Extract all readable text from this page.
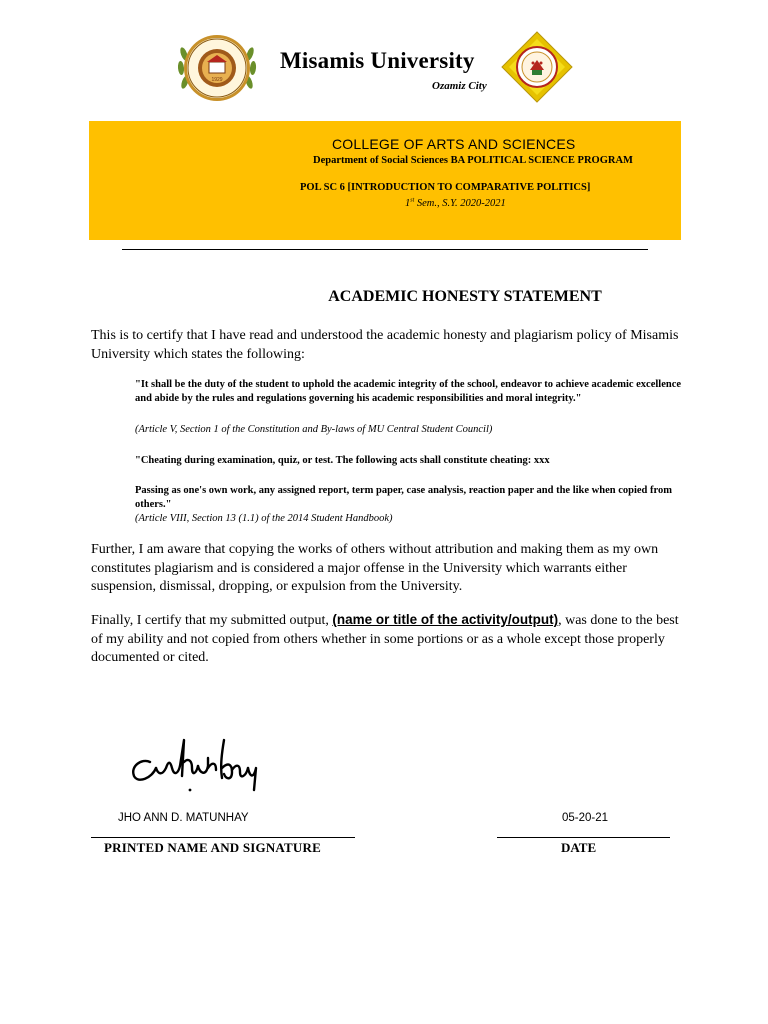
1929
Misamis University
Ozamiz City
COLLEGE OF ARTS AND SCIENCES
Department of Social Sciences BA POLITICAL SCIENCE PROGRAM
POL SC 6 [INTRODUCTION TO COMPARATIVE POLITICS]
1st Sem., S.Y. 2020-2021
ACADEMIC HONESTY STATEMENT
This is to certify that I have read and understood the academic honesty and plagiarism policy of Misamis University which states the following:
"It shall be the duty of the student to uphold the academic integrity of the school, endeavor to achieve academic excellence and abide by the rules and regulations governing his academic responsibilities and moral integrity."
(Article V, Section 1 of the Constitution and By-laws of MU Central Student Council)
"Cheating during examination, quiz, or test. The following acts shall constitute cheating: xxx
Passing as one's own work, any assigned report, term paper, case analysis, reaction paper and the like when copied from others."
(Article VIII, Section 13 (1.1) of the 2014 Student Handbook)
Further, I am aware that copying the works of others without attribution and making them as my own constitutes plagiarism and is considered a major offense in the University which warrants either suspension, dismissal, dropping, or expulsion from the University.
Finally, I certify that my submitted output, (name or title of the activity/output), was done to the best of my ability and not copied from others whether in some portions or as a whole except those properly documented or cited.
JHO ANN D. MATUNHAY	05-20-21
PRINTED NAME AND SIGNATURE	DATE
